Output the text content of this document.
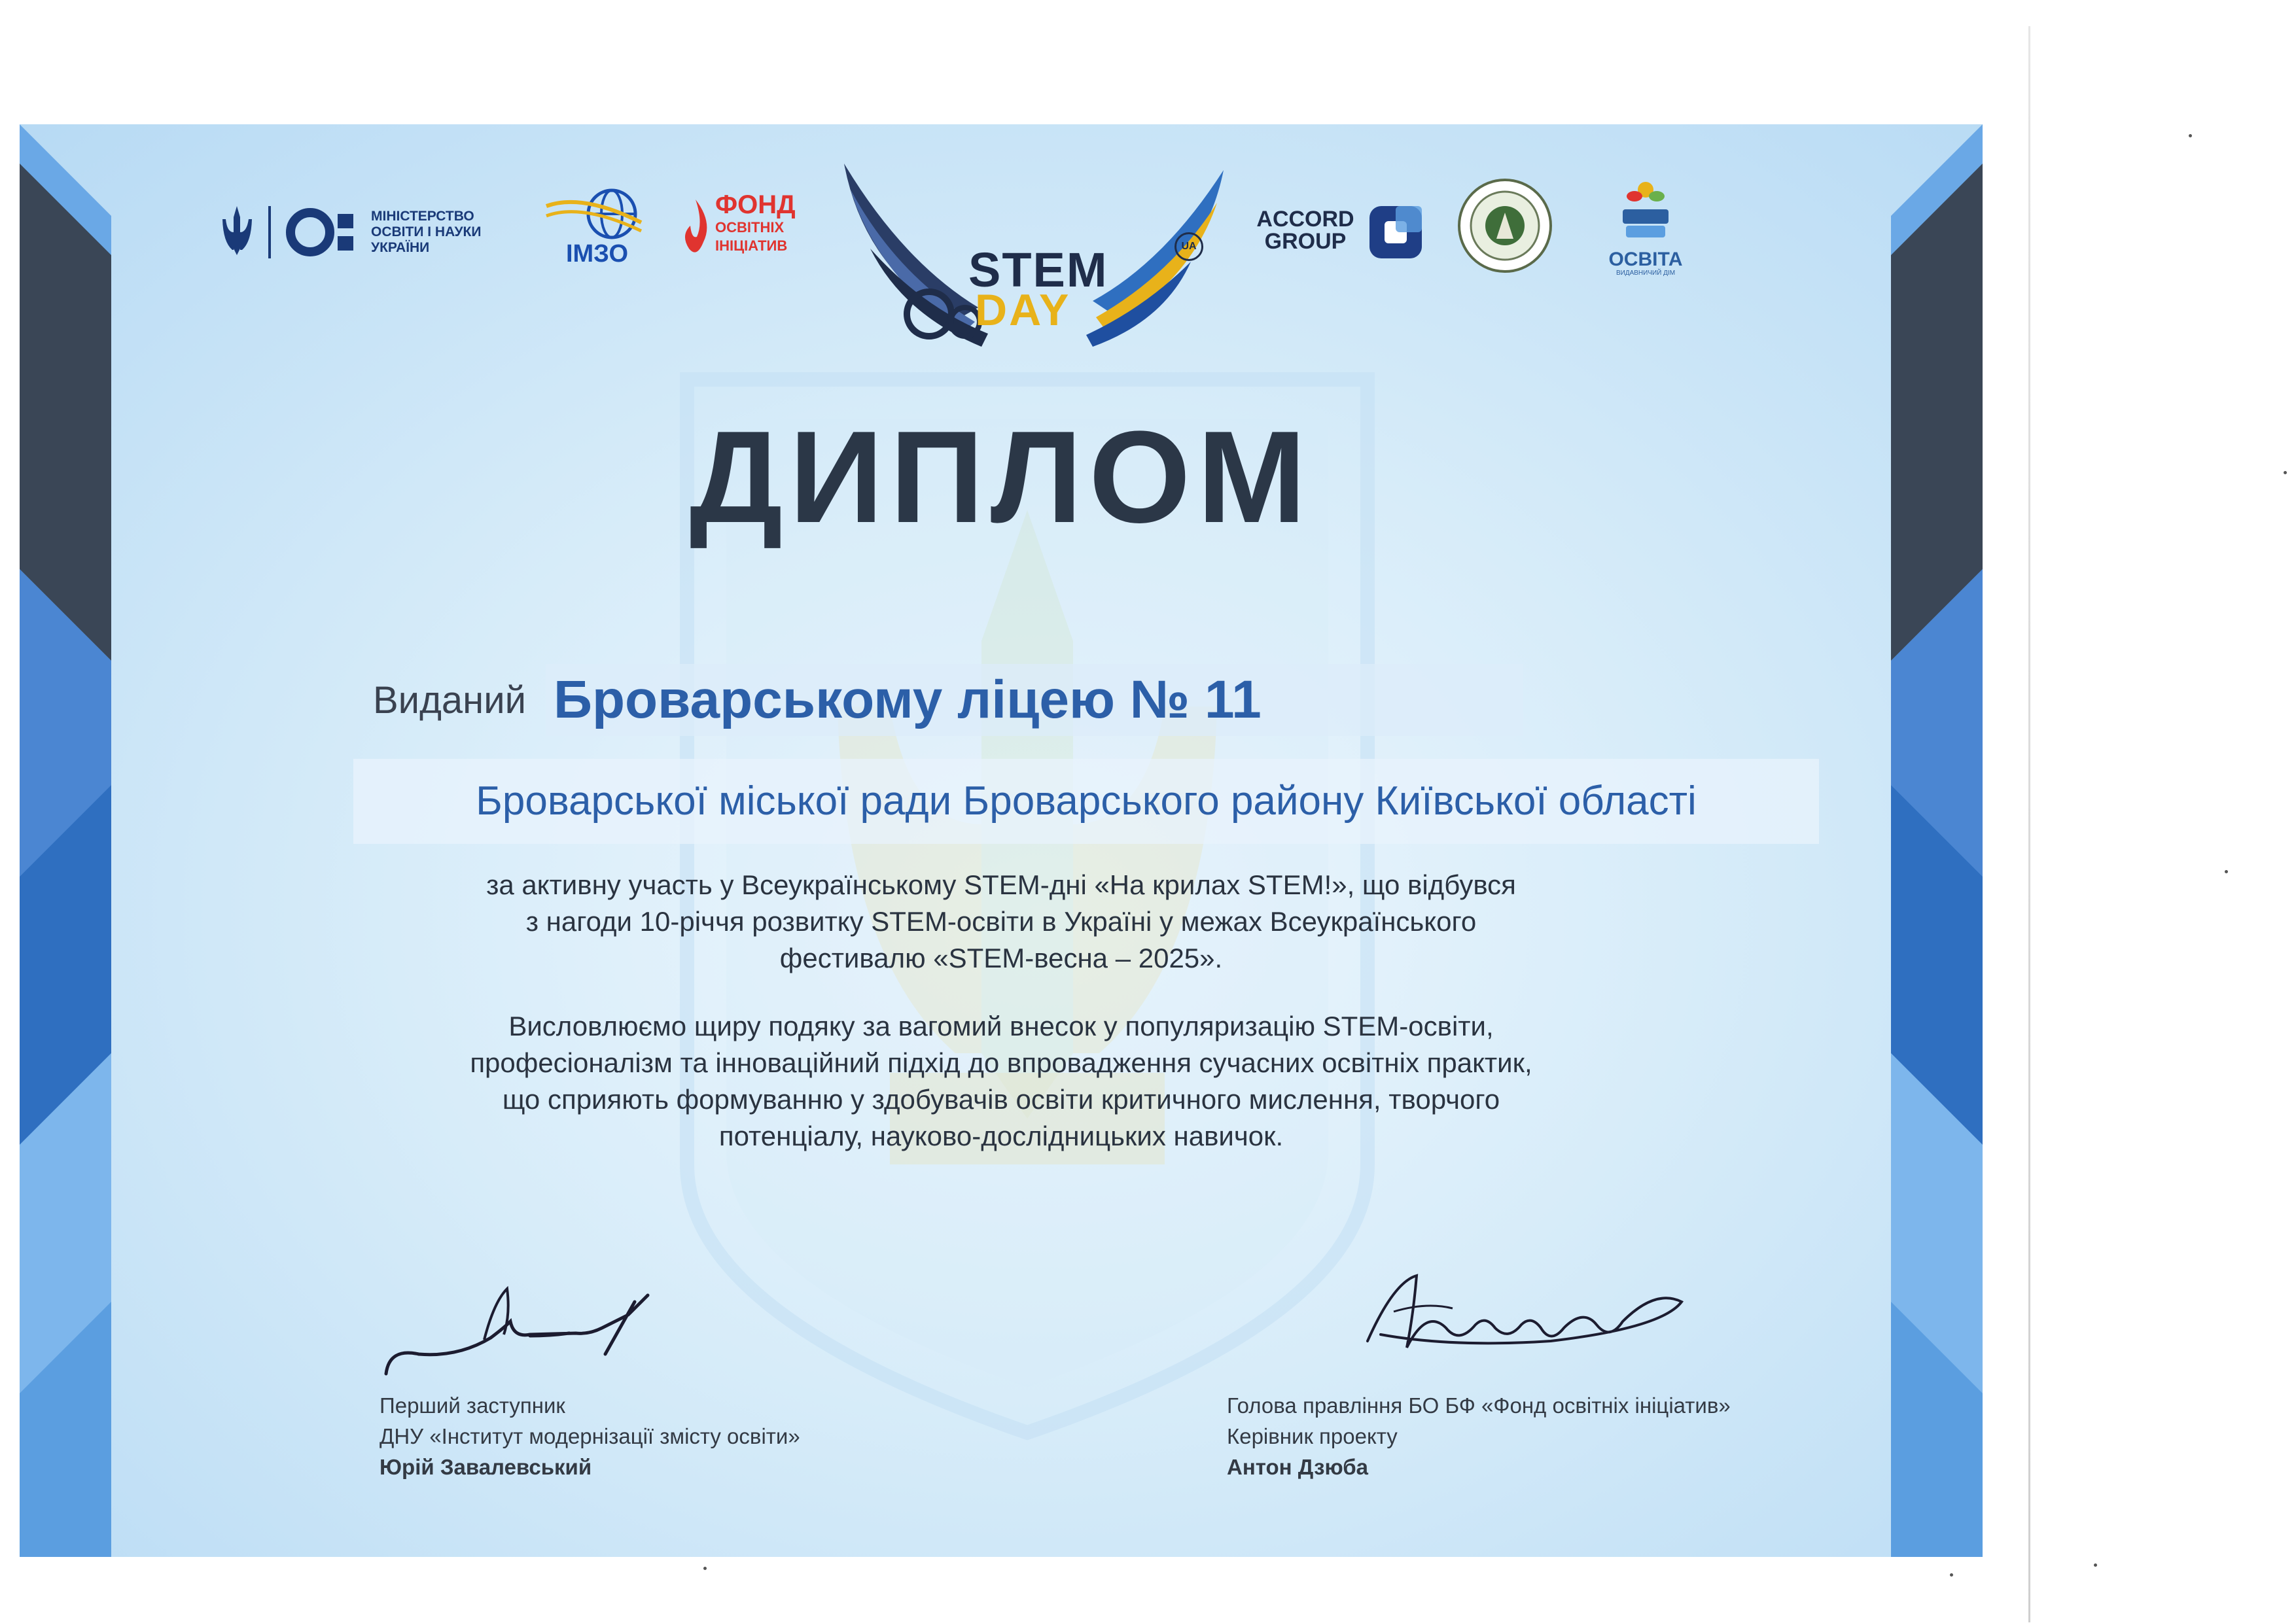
МІНІСТЕРСТВО
ОСВІТИ І НАУКИ
УКРАЇНИ	ІМЗО
ФОНД
ОСВІТНІХ
ІНІЦІАТИВ	STEM	UA
DAY
ACCORD
GROUP
ОСВІТА
ВИДАВНИЧИЙ ДІМ
ДИПЛОМ
Виданий Броварському ліцею № 11
Броварської міської ради Броварського району Київської області

за активну участь у Всеукраїнському STEM-дні «На крилах STEM!», що відбувся
з нагоди 10-річчя розвитку STEM-освіти в Україні у межах Всеукраїнського
фестивалю «STEM-весна – 2025».

Висловлюємо щиру подяку за вагомий внесок у популяризацію STEM-освіти,
професіоналізм та інноваційний підхід до впровадження сучасних освітніх практик,
що сприяють формуванню у здобувачів освіти критичного мислення, творчого
потенціалу, науково-дослідницьких навичок.

Перший заступник
ДНУ «Інститут модернізації змісту освіти»
Юрій Завалевський
Голова правління БО БФ «Фонд освітніх ініціатив»
Керівник проекту
Антон Дзюба
